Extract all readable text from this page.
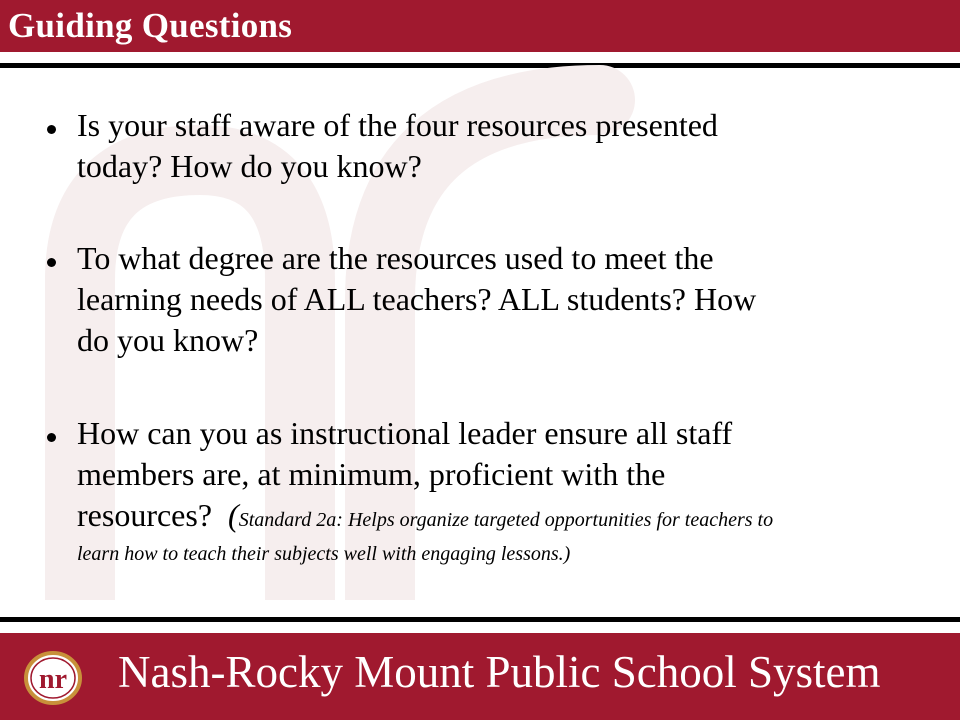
Guiding Questions
Is your staff aware of the four resources presented
today? How do you know?
To what degree are the resources used to meet the
learning needs of ALL teachers? ALL students? How
do you know?
How can you as instructional leader ensure all staff
members are, at minimum, proficient with the
resources?  (Standard 2a: Helps organize targeted opportunities for teachers to
learn how to teach their subjects well with engaging lessons.)
nr Nash-Rocky Mount Public School System
